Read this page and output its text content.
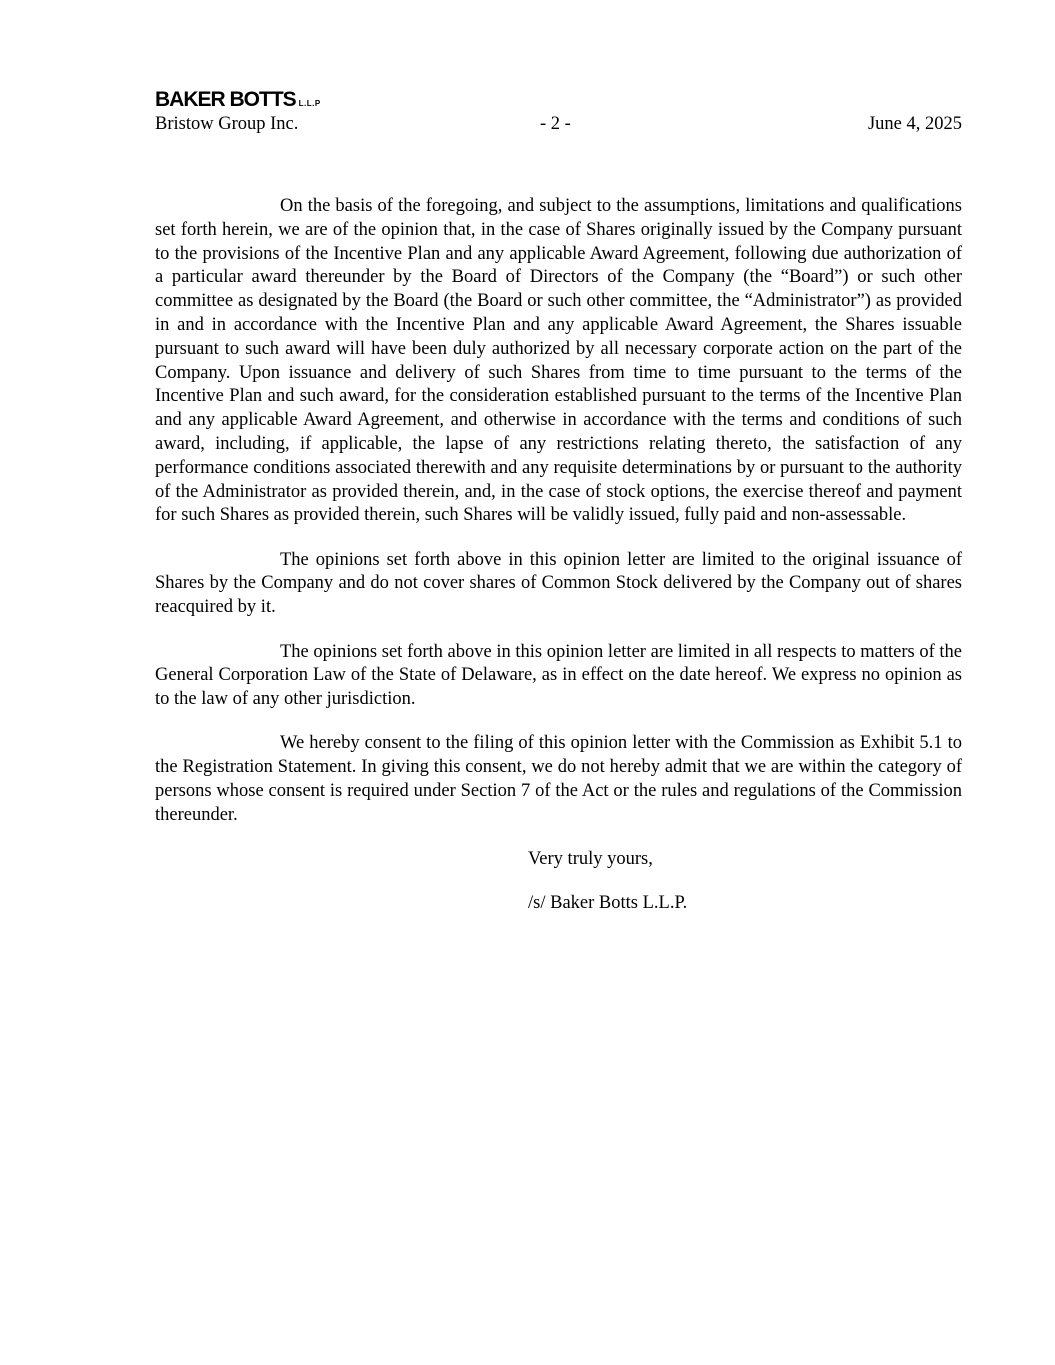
BAKER BOTTS L.L.P
Bristow Group Inc.	- 2 -	June 4, 2025

On the basis of the foregoing, and subject to the assumptions, limitations and qualifications set forth herein, we are of the opinion that, in the case of Shares originally issued by the Company pursuant to the provisions of the Incentive Plan and any applicable Award Agreement, following due authorization of a particular award thereunder by the Board of Directors of the Company (the “Board”) or such other committee as designated by the Board (the Board or such other committee, the “Administrator”) as provided in and in accordance with the Incentive Plan and any applicable Award Agreement, the Shares issuable pursuant to such award will have been duly authorized by all necessary corporate action on the part of the Company. Upon issuance and delivery of such Shares from time to time pursuant to the terms of the Incentive Plan and such award, for the consideration established pursuant to the terms of the Incentive Plan and any applicable Award Agreement, and otherwise in accordance with the terms and conditions of such award, including, if applicable, the lapse of any restrictions relating thereto, the satisfaction of any performance conditions associated therewith and any requisite determinations by or pursuant to the authority of the Administrator as provided therein, and, in the case of stock options, the exercise thereof and payment for such Shares as provided therein, such Shares will be validly issued, fully paid and non-assessable.

The opinions set forth above in this opinion letter are limited to the original issuance of Shares by the Company and do not cover shares of Common Stock delivered by the Company out of shares reacquired by it.

The opinions set forth above in this opinion letter are limited in all respects to matters of the General Corporation Law of the State of Delaware, as in effect on the date hereof. We express no opinion as to the law of any other jurisdiction.

We hereby consent to the filing of this opinion letter with the Commission as Exhibit 5.1 to the Registration Statement. In giving this consent, we do not hereby admit that we are within the category of persons whose consent is required under Section 7 of the Act or the rules and regulations of the Commission thereunder.

Very truly yours,
/s/ Baker Botts L.L.P.
